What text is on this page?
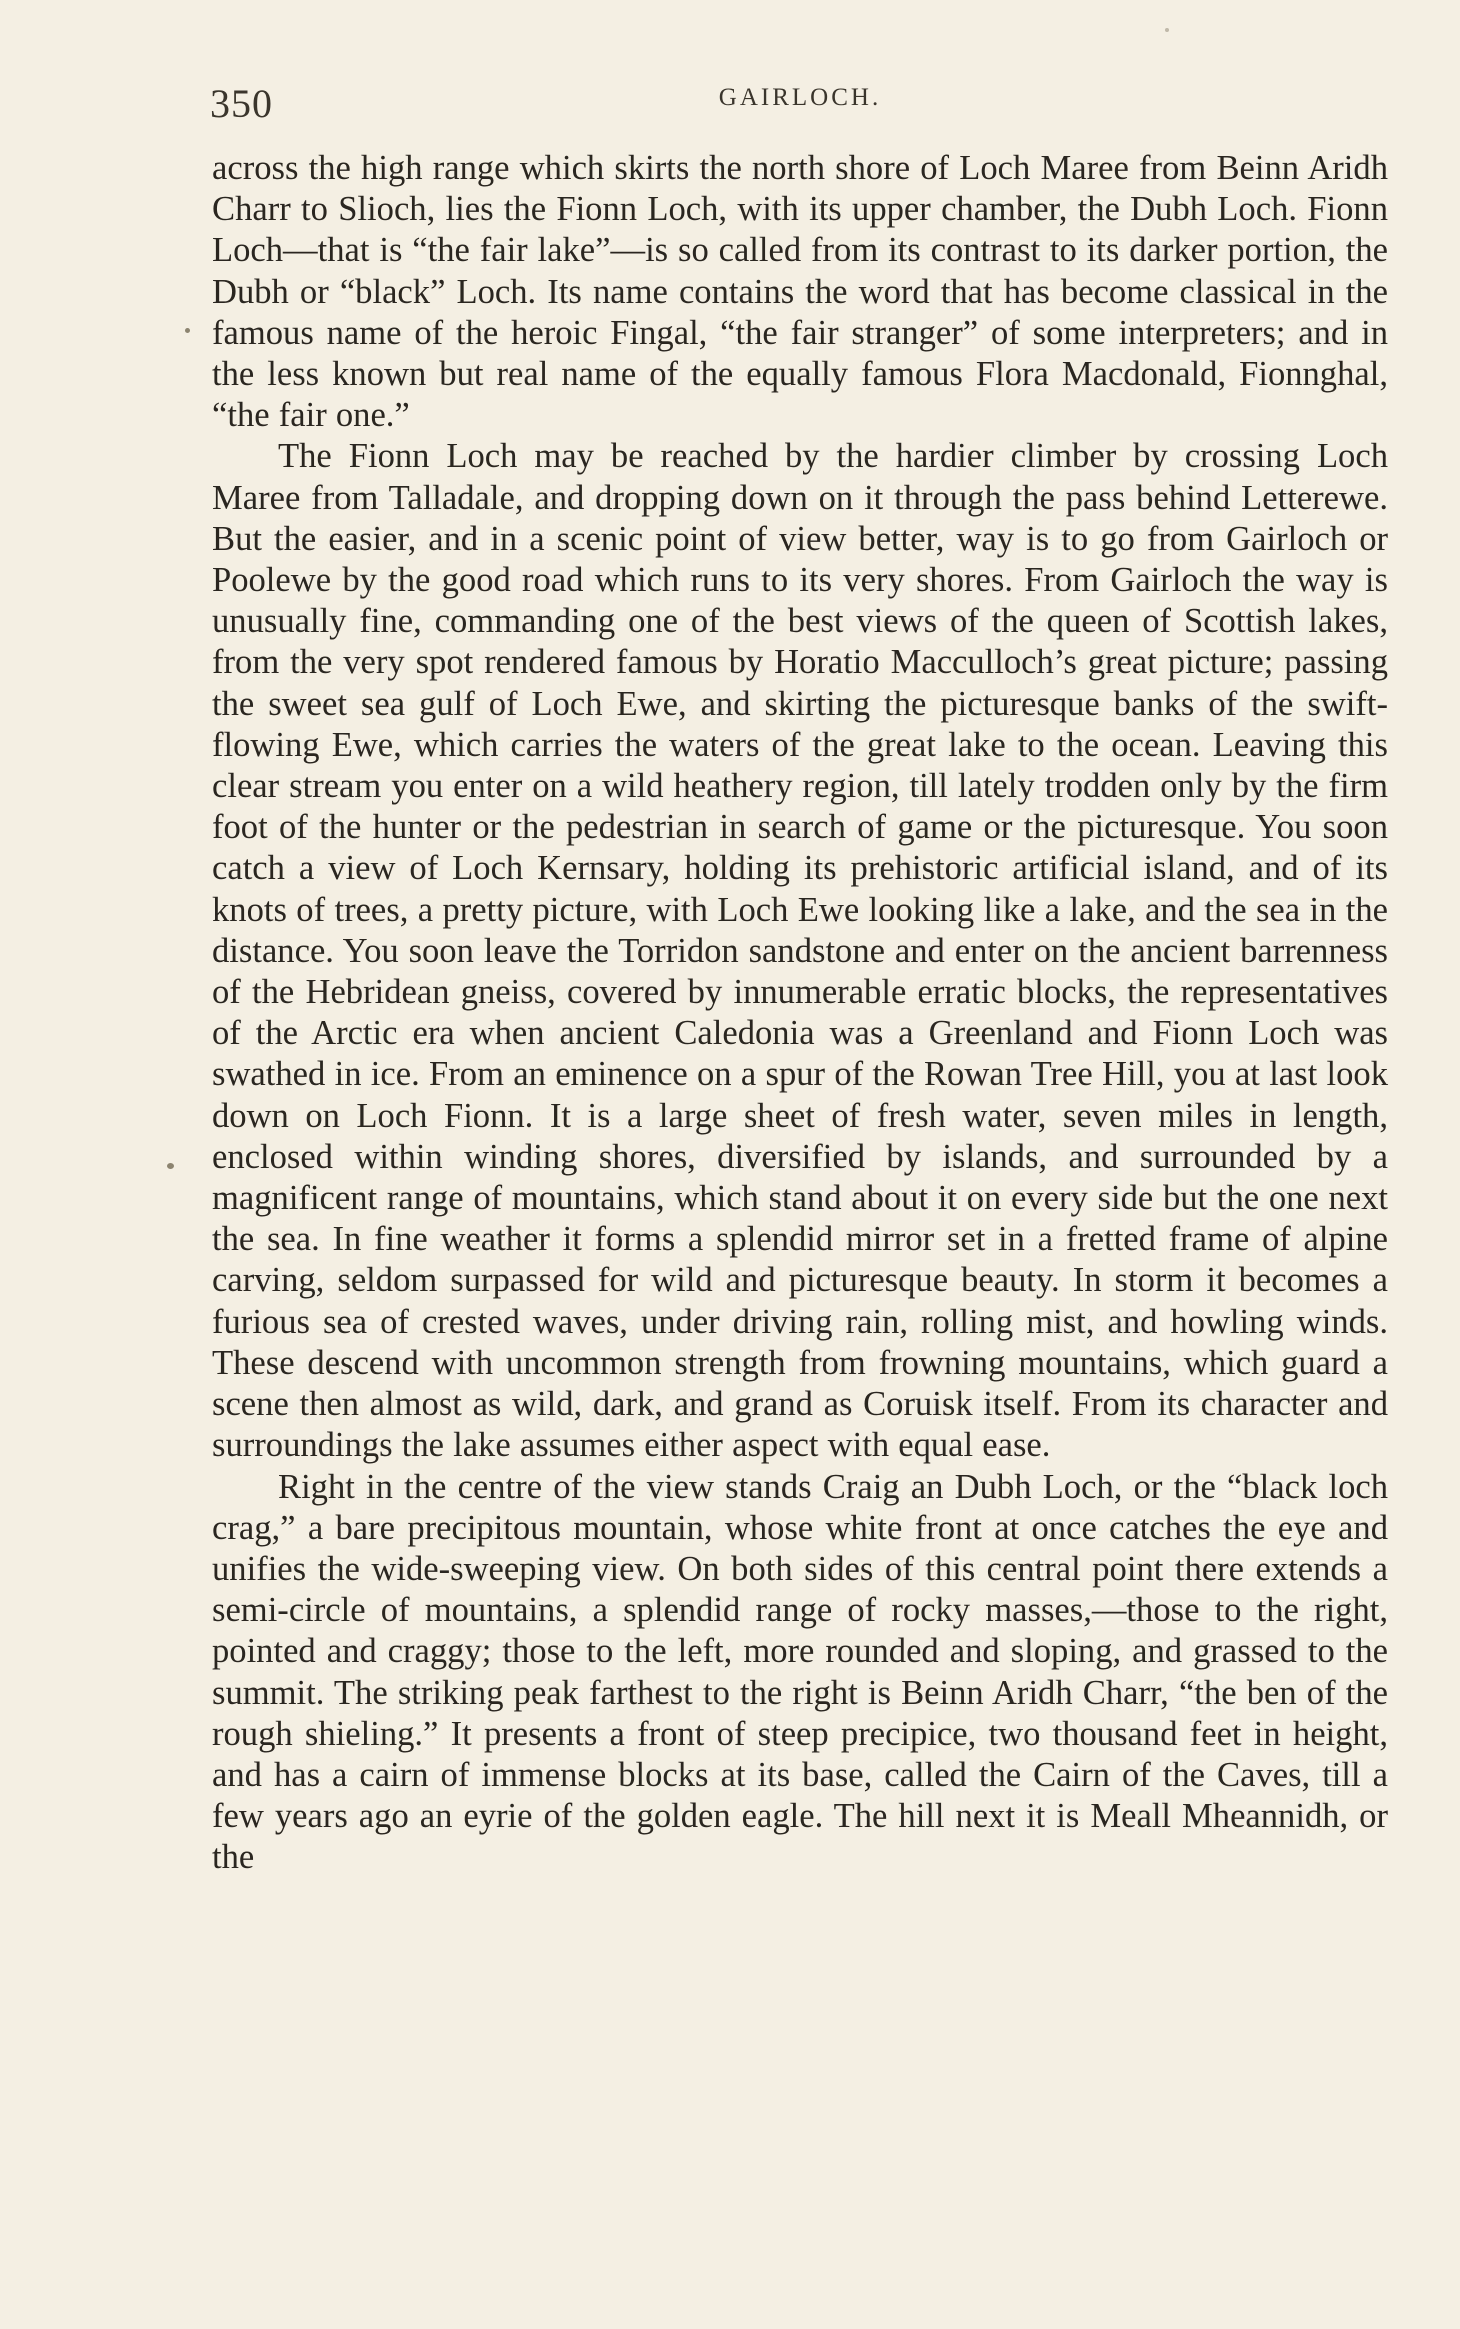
350	GAIRLOCH.

across the high range which skirts the north shore of Loch Maree from Beinn Aridh Charr to Slioch, lies the Fionn Loch, with its upper chamber, the Dubh Loch. Fionn Loch—that is “the fair lake”—is so called from its contrast to its darker portion, the Dubh or “black” Loch. Its name contains the word that has become classical in the famous name of the heroic Fingal, “the fair stranger” of some interpreters; and in the less known but real name of the equally famous Flora Macdonald, Fionnghal, “the fair one.”

The Fionn Loch may be reached by the hardier climber by crossing Loch Maree from Talladale, and dropping down on it through the pass behind Letterewe. But the easier, and in a scenic point of view better, way is to go from Gairloch or Poolewe by the good road which runs to its very shores. From Gairloch the way is unusually fine, commanding one of the best views of the queen of Scottish lakes, from the very spot rendered famous by Horatio Macculloch’s great picture; passing the sweet sea gulf of Loch Ewe, and skirting the picturesque banks of the swift-flowing Ewe, which carries the waters of the great lake to the ocean. Leaving this clear stream you enter on a wild heathery region, till lately trodden only by the firm foot of the hunter or the pedestrian in search of game or the picturesque. You soon catch a view of Loch Kernsary, holding its prehistoric artificial island, and of its knots of trees, a pretty picture, with Loch Ewe looking like a lake, and the sea in the distance. You soon leave the Torridon sandstone and enter on the ancient barrenness of the Hebridean gneiss, covered by innumerable erratic blocks, the representatives of the Arctic era when ancient Caledonia was a Greenland and Fionn Loch was swathed in ice. From an eminence on a spur of the Rowan Tree Hill, you at last look down on Loch Fionn. It is a large sheet of fresh water, seven miles in length, enclosed within winding shores, diversified by islands, and surrounded by a magnificent range of mountains, which stand about it on every side but the one next the sea. In fine weather it forms a splendid mirror set in a fretted frame of alpine carving, seldom surpassed for wild and picturesque beauty. In storm it becomes a furious sea of crested waves, under driving rain, rolling mist, and howling winds. These descend with uncommon strength from frowning mountains, which guard a scene then almost as wild, dark, and grand as Coruisk itself. From its character and surroundings the lake assumes either aspect with equal ease.

Right in the centre of the view stands Craig an Dubh Loch, or the “black loch crag,” a bare precipitous mountain, whose white front at once catches the eye and unifies the wide-sweeping view. On both sides of this central point there extends a semi-circle of mountains, a splendid range of rocky masses,—those to the right, pointed and craggy; those to the left, more rounded and sloping, and grassed to the summit. The striking peak farthest to the right is Beinn Aridh Charr, “the ben of the rough shieling.” It presents a front of steep precipice, two thousand feet in height, and has a cairn of immense blocks at its base, called the Cairn of the Caves, till a few years ago an eyrie of the golden eagle. The hill next it is Meall Mheannidh, or the
